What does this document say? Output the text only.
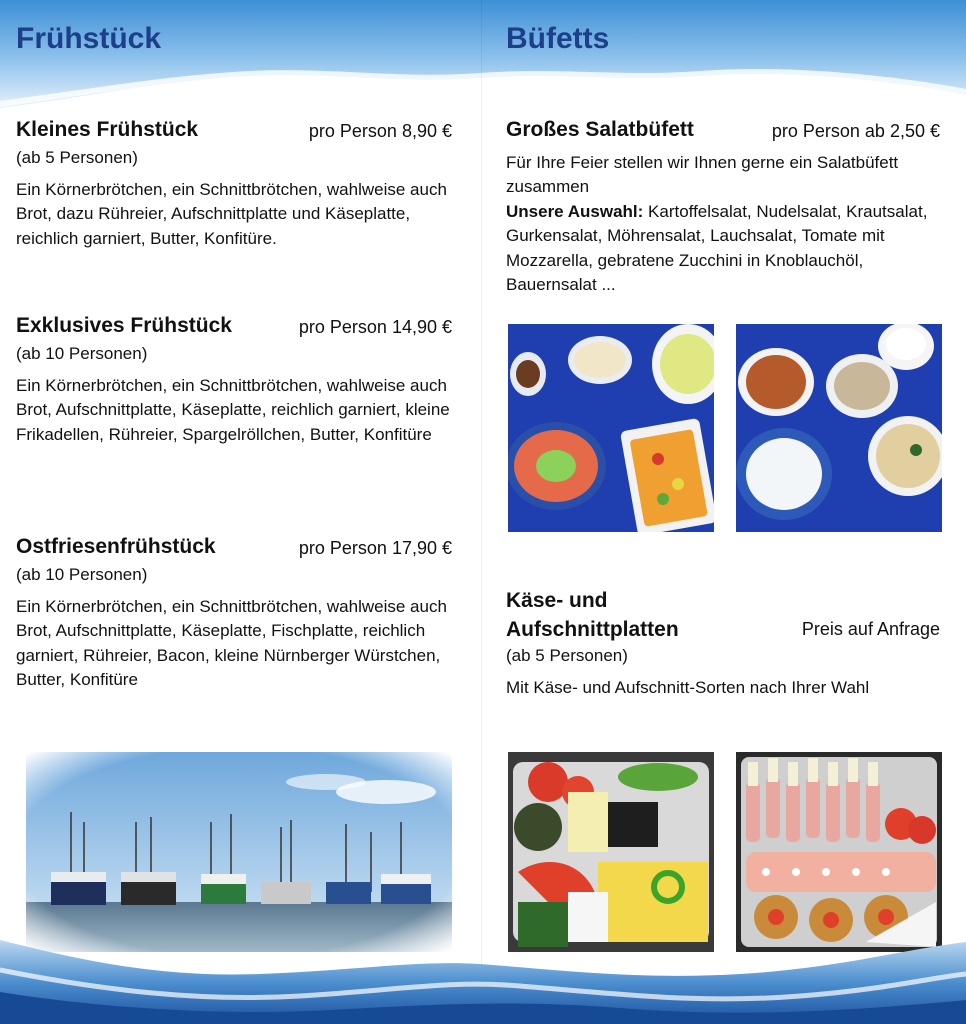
Frühstück
Kleines Frühstück	pro Person 8,90 €
(ab 5 Personen)
Ein Körnerbrötchen, ein Schnittbrötchen, wahlweise auch Brot, dazu Rühreier, Aufschnittplatte und Käseplatte, reichlich garniert, Butter, Konfitüre.
Exklusives Frühstück	pro Person 14,90 €
(ab 10 Personen)
Ein Körnerbrötchen, ein Schnittbrötchen, wahlweise auch Brot, Aufschnittplatte, Käseplatte, reichlich garniert, kleine Frikadellen, Rühreier, Spargelröllchen, Butter, Konfitüre
Ostfriesenfrühstück	pro Person 17,90 €
(ab 10 Personen)
Ein Körnerbrötchen, ein Schnittbrötchen, wahlweise auch Brot, Aufschnittplatte, Käseplatte, Fischplatte, reichlich garniert, Rühreier, Bacon, kleine Nürnberger Würstchen, Butter, Konfitüre
Büfetts
Großes Salatbüfett	pro Person ab 2,50 €
Für Ihre Feier stellen wir Ihnen gerne ein Salatbüfett zusammen
Unsere Auswahl: Kartoffelsalat, Nudelsalat, Krautsalat, Gurkensalat, Möhrensalat, Lauchsalat, Tomate mit Mozzarella, gebratene Zucchini in Knoblauchöl, Bauernsalat ...
Käse- und
Aufschnittplatten	Preis auf Anfrage
(ab 5 Personen)
Mit Käse- und Aufschnitt-Sorten nach Ihrer Wahl
